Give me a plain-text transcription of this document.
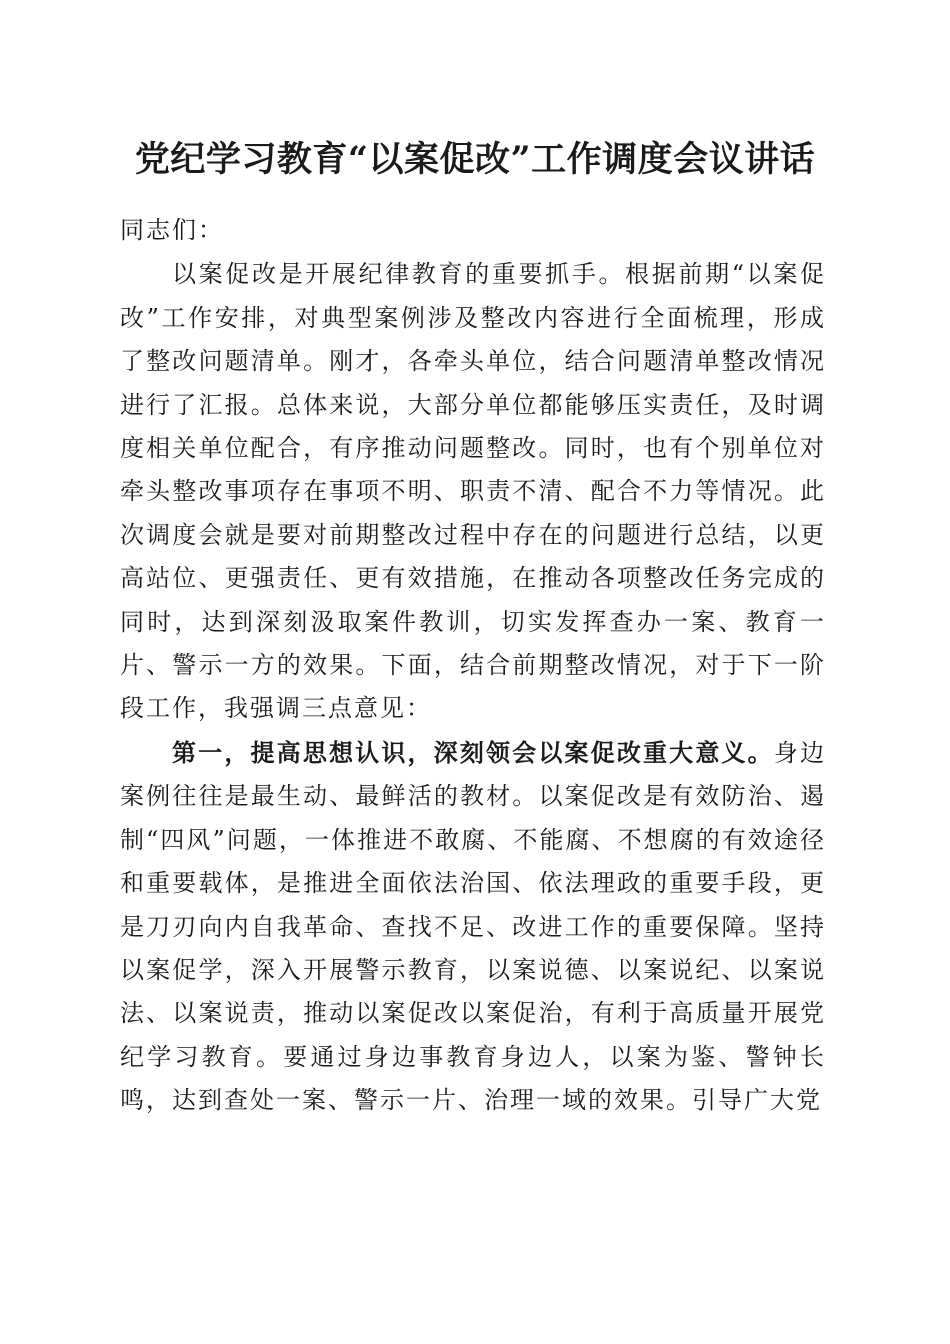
党纪学习教育“以案促改”工作调度会议讲话

同志们：

以案促改是开展纪律教育的重要抓手。根据前期“以案促改”工作安排，对典型案例涉及整改内容进行全面梳理，形成了整改问题清单。刚才，各牵头单位，结合问题清单整改情况进行了汇报。总体来说，大部分单位都能够压实责任，及时调度相关单位配合，有序推动问题整改。同时，也有个别单位对牵头整改事项存在事项不明、职责不清、配合不力等情况。此次调度会就是要对前期整改过程中存在的问题进行总结，以更高站位、更强责任、更有效措施，在推动各项整改任务完成的同时，达到深刻汲取案件教训，切实发挥查办一案、教育一片、警示一方的效果。下面，结合前期整改情况，对于下一阶段工作，我强调三点意见：

第一，提高思想认识，深刻领会以案促改重大意义。身边案例往往是最生动、最鲜活的教材。以案促改是有效防治、遏制“四风”问题，一体推进不敢腐、不能腐、不想腐的有效途径和重要载体，是推进全面依法治国、依法理政的重要手段，更是刀刃向内自我革命、查找不足、改进工作的重要保障。坚持以案促学，深入开展警示教育，以案说德、以案说纪、以案说法、以案说责，推动以案促改以案促治，有利于高质量开展党纪学习教育。要通过身边事教育身边人，以案为鉴、警钟长鸣，达到查处一案、警示一片、治理一域的效果。引导广大党
